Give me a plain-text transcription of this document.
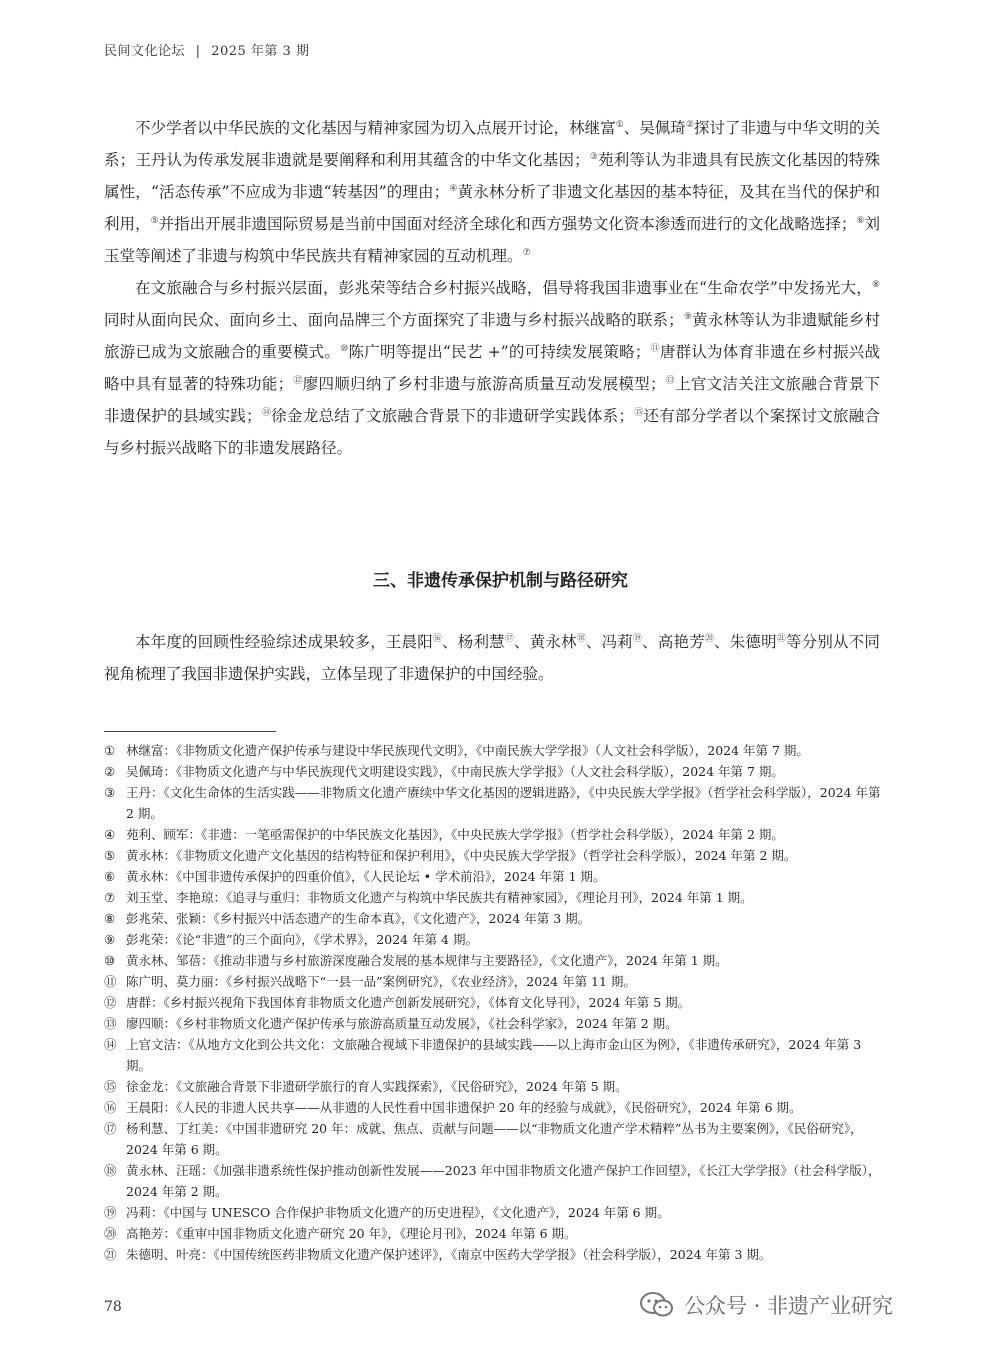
民间文化论坛 | 2025 年第 3 期

不少学者以中华民族的文化基因与精神家园为切入点展开讨论，林继富①、吴佩琦②探讨了非遗与中华文明的关系；王丹认为传承发展非遗就是要阐释和利用其蕴含的中华文化基因；③苑利等认为非遗具有民族文化基因的特殊属性，“活态传承”不应成为非遗“转基因”的理由；④黄永林分析了非遗文化基因的基本特征，及其在当代的保护和利用，⑤并指出开展非遗国际贸易是当前中国面对经济全球化和西方强势文化资本渗透而进行的文化战略选择；⑥刘玉堂等阐述了非遗与构筑中华民族共有精神家园的互动机理。⑦

在文旅融合与乡村振兴层面，彭兆荣等结合乡村振兴战略，倡导将我国非遗事业在“生命农学”中发扬光大，⑧同时从面向民众、面向乡土、面向品牌三个方面探究了非遗与乡村振兴战略的联系；⑨黄永林等认为非遗赋能乡村旅游已成为文旅融合的重要模式。⑩陈广明等提出“民艺 +”的可持续发展策略；⑪唐群认为体育非遗在乡村振兴战略中具有显著的特殊功能；⑫廖四顺归纳了乡村非遗与旅游高质量互动发展模型；⑬上官文洁关注文旅融合背景下非遗保护的县域实践；⑭徐金龙总结了文旅融合背景下的非遗研学实践体系；⑮还有部分学者以个案探讨文旅融合与乡村振兴战略下的非遗发展路径。

三、非遗传承保护机制与路径研究

本年度的回顾性经验综述成果较多，王晨阳⑯、杨利慧⑰、黄永林⑱、冯莉⑲、高艳芳⑳、朱德明$^㉑$等分别从不同视角梳理了我国非遗保护实践，立体呈现了非遗保护的中国经验。

① 林继富：《非物质文化遗产保护传承与建设中华民族现代文明》，《中南民族大学学报》（人文社会科学版），2024 年第 7 期。
② 吴佩琦：《非物质文化遗产与中华民族现代文明建设实践》，《中南民族大学学报》（人文社会科学版），2024 年第 7 期。
③ 王丹：《文化生命体的生活实践——非物质文化遗产赓续中华文化基因的逻辑进路》，《中央民族大学学报》（哲学社会科学版），2024 年第 2 期。
④ 苑利、顾军：《非遗：一笔亟需保护的中华民族文化基因》，《中央民族大学学报》（哲学社会科学版），2024 年第 2 期。
⑤ 黄永林：《非物质文化遗产文化基因的结构特征和保护利用》，《中央民族大学学报》（哲学社会科学版），2024 年第 2 期。
⑥ 黄永林：《中国非遗传承保护的四重价值》，《人民论坛 • 学术前沿》，2024 年第 1 期。
⑦ 刘玉堂、李艳琼：《追寻与重归：非物质文化遗产与构筑中华民族共有精神家园》，《理论月刊》，2024 年第 1 期。
⑧ 彭兆荣、张颖：《乡村振兴中活态遗产的生命本真》，《文化遗产》，2024 年第 3 期。
⑨ 彭兆荣：《论“非遗”的三个面向》，《学术界》，2024 年第 4 期。
⑩ 黄永林、邹蓓：《推动非遗与乡村旅游深度融合发展的基本规律与主要路径》，《文化遗产》，2024 年第 1 期。
⑪ 陈广明、莫力丽：《乡村振兴战略下“一县一品”案例研究》，《农业经济》，2024 年第 11 期。
⑫ 唐群：《乡村振兴视角下我国体育非物质文化遗产创新发展研究》，《体育文化导刊》，2024 年第 5 期。
⑬ 廖四顺：《乡村非物质文化遗产保护传承与旅游高质量互动发展》，《社会科学家》，2024 年第 2 期。
⑭ 上官文洁：《从地方文化到公共文化：文旅融合视域下非遗保护的县域实践——以上海市金山区为例》，《非遗传承研究》，2024 年第 3 期。
⑮ 徐金龙：《文旅融合背景下非遗研学旅行的育人实践探索》，《民俗研究》，2024 年第 5 期。
⑯ 王晨阳：《人民的非遗人民共享——从非遗的人民性看中国非遗保护 20 年的经验与成就》，《民俗研究》，2024 年第 6 期。
⑰ 杨利慧、丁红美：《中国非遗研究 20 年：成就、焦点、贡献与问题——以“非物质文化遗产学术精粹”丛书为主要案例》，《民俗研究》，2024 年第 6 期。
⑱ 黄永林、汪瑶：《加强非遗系统性保护推动创新性发展——2023 年中国非物质文化遗产保护工作回望》，《长江大学学报》（社会科学版），2024 年第 2 期。
⑲ 冯莉：《中国与 UNESCO 合作保护非物质文化遗产的历史进程》，《文化遗产》，2024 年第 6 期。
⑳ 高艳芳：《重审中国非物质文化遗产研究 20 年》，《理论月刊》，2024 年第 6 期。
㉑ 朱德明、叶亮：《中国传统医药非物质文化遗产保护述评》，《南京中医药大学学报》（社会科学版），2024 年第 3 期。
78	公众号 · 非遗产业研究
